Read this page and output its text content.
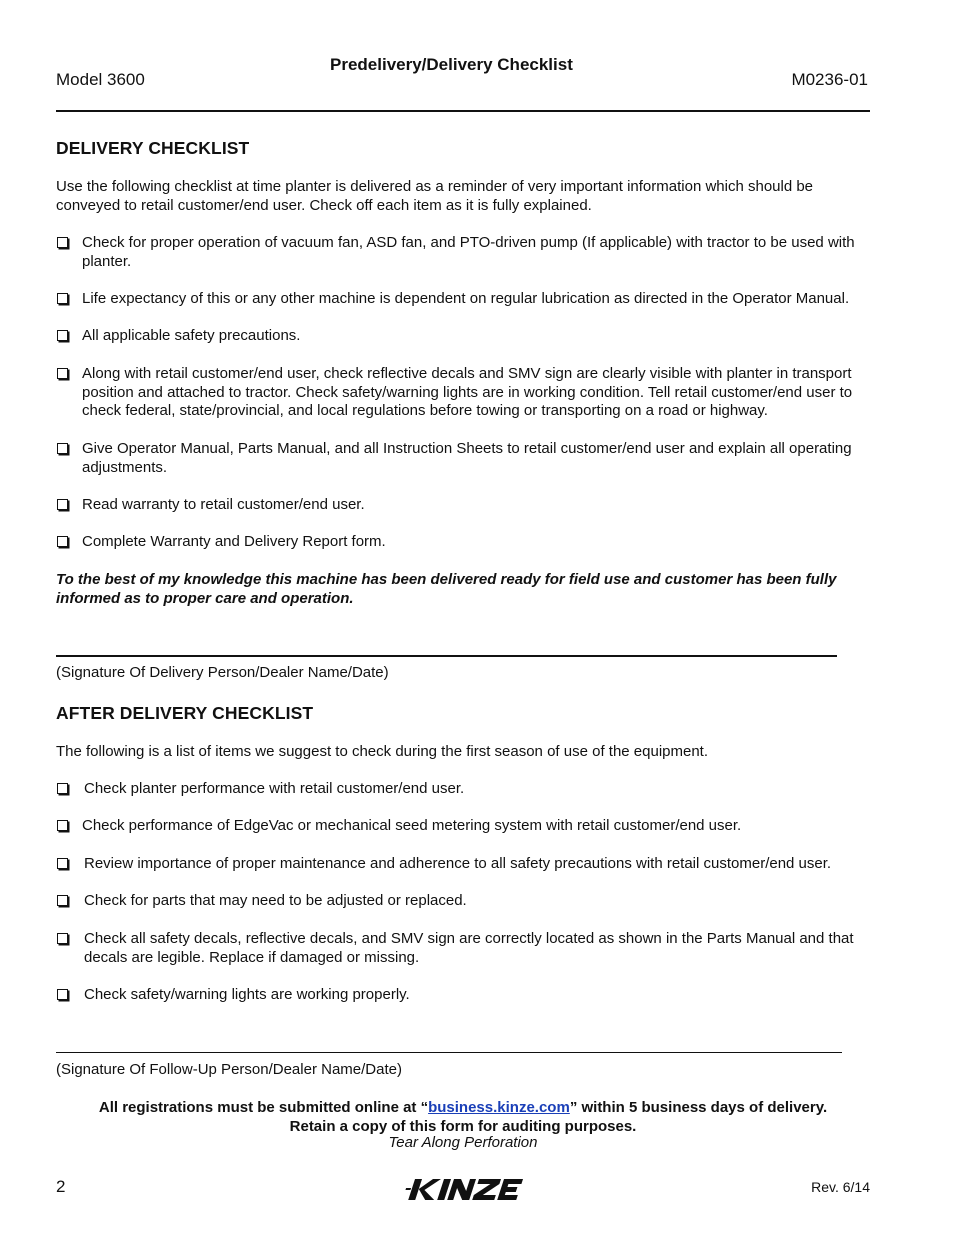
Model 3600
Predelivery/Delivery Checklist
M0236-01
DELIVERY CHECKLIST
Use the following checklist at time planter is delivered as a reminder of very important information which should be conveyed to retail customer/end user. Check off each item as it is fully explained.
Check for proper operation of vacuum fan, ASD fan, and PTO-driven pump (If applicable) with tractor to be used with planter.
Life expectancy of this or any other machine is dependent on regular lubrication as directed in the Operator Manual.
All applicable safety precautions.
Along with retail customer/end user, check reflective decals and SMV sign are clearly visible with planter in transport position and attached to tractor. Check safety/warning lights are in working condition. Tell retail customer/end user to check federal, state/provincial, and local regulations before towing or transporting on a road or highway.
Give Operator Manual, Parts Manual, and all Instruction Sheets to retail customer/end user and explain all operating adjustments.
Read warranty to retail customer/end user.
Complete Warranty and Delivery Report form.
To the best of my knowledge this machine has been delivered ready for field use and customer has been fully informed as to proper care and operation.
(Signature Of Delivery Person/Dealer Name/Date)
AFTER DELIVERY CHECKLIST
The following is a list of items we suggest to check during the first season of use of the equipment.
Check planter performance with retail customer/end user.
Check performance of EdgeVac or mechanical seed metering system with retail customer/end user.
Review importance of proper maintenance and adherence to all safety precautions with retail customer/end user.
Check for parts that may need to be adjusted or replaced.
Check all safety decals, reflective decals, and SMV sign are correctly located as shown in the Parts Manual and that decals are legible. Replace if damaged or missing.
Check safety/warning lights are working properly.
(Signature Of Follow-Up Person/Dealer Name/Date)
All registrations must be submitted online at “business.kinze.com” within 5 business days of delivery.
Retain a copy of this form for auditing purposes.
Tear Along Perforation
2	Rev. 6/14
